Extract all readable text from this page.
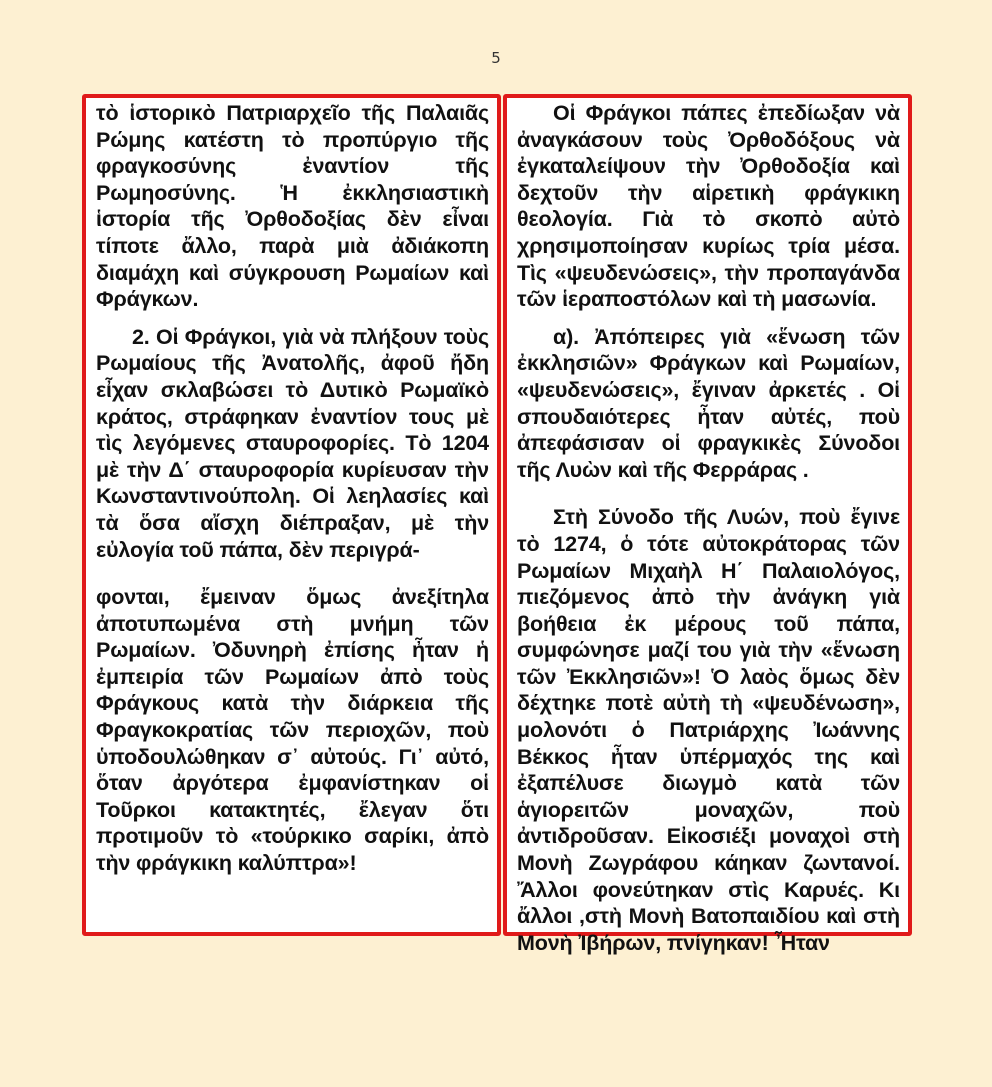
5

τὸ ἱστορικὸ Πατριαρχεῖο τῆς Παλαιᾶς Ρώμης κατέστη τὸ προπύργιο τῆς φραγκοσύνης ἐναντίον τῆς Ρωμηοσύνης. Ἡ ἐκκλησιαστικὴ ἱστορία τῆς Ὀρθοδοξίας δὲν εἶναι τίποτε ἄλλο, παρὰ μιὰ ἀδιάκοπη διαμάχη καὶ σύγκρουση Ρωμαίων καὶ Φράγκων.

2. Οἱ Φράγκοι, γιὰ νὰ πλήξουν τοὺς Ρωμαίους τῆς Ἀνατολῆς, ἀφοῦ ἤδη εἶχαν σκλαβώσει τὸ Δυτικὸ Ρωμαϊκὸ κράτος, στράφηκαν ἐναντίον τους μὲ τὶς λεγόμενες σταυροφορίες. Τὸ 1204 μὲ τὴν Δ΄ σταυροφορία κυρίευσαν τὴν Κωνσταντινούπολη. Οἱ λεηλασίες καὶ τὰ ὅσα αἴσχη διέπραξαν, μὲ τὴν εὐλογία τοῦ πάπα, δὲν περιγρά-

φονται, ἔμειναν ὅμως ἀνεξίτηλα ἀποτυπωμένα στὴ μνήμη τῶν Ρωμαίων. Ὀδυνηρὴ ἐπίσης ἦταν ἡ ἐμπειρία τῶν Ρωμαίων ἀπὸ τοὺς Φράγκους κατὰ τὴν διάρκεια τῆς Φραγκοκρατίας τῶν περιοχῶν, ποὺ ὑποδουλώθηκαν σ᾽ αὐτούς. Γι᾽ αὐτό, ὅταν ἀργότερα ἐμφανίστηκαν οἱ Τοῦρκοι κατακτητές, ἔλεγαν ὅτι προτιμοῦν τὸ «τούρκικο σαρίκι, ἀπὸ τὴν φράγκικη καλύπτρα»!

Οἱ Φράγκοι πάπες ἐπεδίωξαν νὰ ἀναγκάσουν τοὺς Ὀρθοδόξους νὰ ἐγκαταλείψουν τὴν Ὀρθοδοξία καὶ δεχτοῦν τὴν αἱρετικὴ φράγκικη θεολογία. Γιὰ τὸ σκοπὸ αὐτὸ χρησιμοποίησαν κυρίως τρία μέσα. Τὶς «ψευδενώσεις», τὴν προπαγάνδα τῶν ἱεραποστόλων καὶ τὴ μασωνία.

α). Ἀπόπειρες γιὰ «ἕνωση τῶν ἐκκλησιῶν» Φράγκων καὶ Ρωμαίων, «ψευδενώσεις», ἔγιναν ἀρκετές . Οἱ σπουδαιότερες ἦταν αὐτές, ποὺ ἀπεφάσισαν οἱ φραγκικὲς Σύνοδοι τῆς Λυὼν καὶ τῆς Φερράρας .

Στὴ Σύνοδο τῆς Λυών, ποὺ ἔγινε τὸ 1274, ὁ τότε αὐτοκράτορας τῶν Ρωμαίων Μιχαὴλ Η΄ Παλαιολόγος, πιεζόμενος ἀπὸ τὴν ἀνάγκη γιὰ βοήθεια ἐκ μέρους τοῦ πάπα, συμφώνησε μαζί του γιὰ τὴν «ἕνωση τῶν Ἐκκλησιῶν»! Ὁ λαὸς ὅμως δὲν δέχτηκε ποτὲ αὐτὴ τὴ «ψευδένωση», μολονότι ὁ Πατριάρχης Ἰωάννης Βέκκος ἦταν ὑπέρμαχός της καὶ ἐξαπέλυσε διωγμὸ κατὰ τῶν ἁγιορειτῶν μοναχῶν, ποὺ ἀντιδροῦσαν. Εἰκοσιέξι μοναχοὶ στὴ Μονὴ Ζωγράφου κάηκαν ζωντανοί. Ἄλλοι φονεύτηκαν στὶς Καρυές. Κι ἄλλοι ,στὴ Μονὴ Βατοπαιδίου καὶ στὴ Μονὴ Ἰβήρων, πνίγηκαν! Ἦταν
